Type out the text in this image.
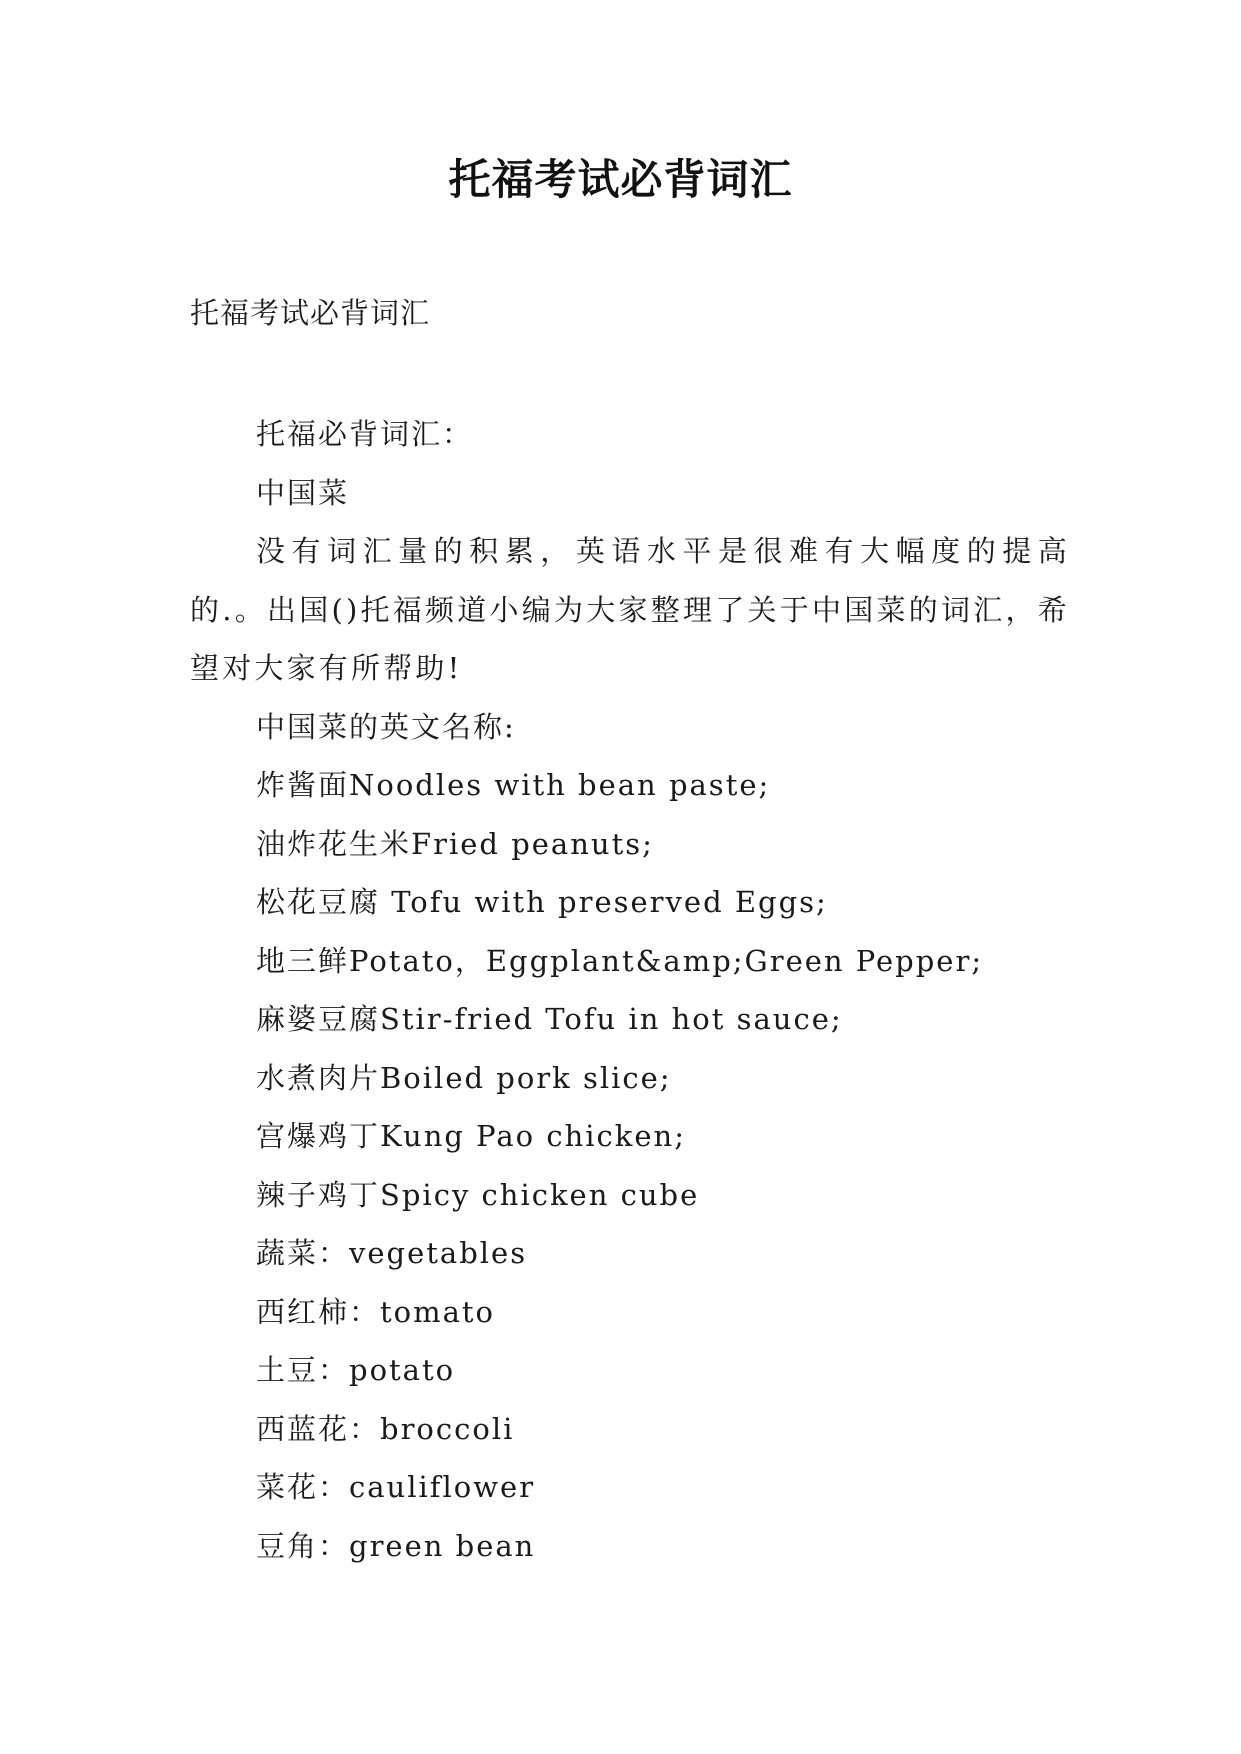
托福考试必背词汇

托福考试必背词汇

托福必背词汇：

中国菜

没有词汇量的积累，英语水平是很难有大幅度的提高的.。出国()托福频道小编为大家整理了关于中国菜的词汇，希望对大家有所帮助!

中国菜的英文名称:

炸酱面Noodles with bean paste;

油炸花生米Fried peanuts;

松花豆腐 Tofu with preserved Eggs;

地三鲜Potato，Eggplant&amp;Green Pepper;

麻婆豆腐Stir-fried Tofu in hot sauce;

水煮肉片Boiled pork slice;

宫爆鸡丁Kung Pao chicken;

辣子鸡丁Spicy chicken cube

蔬菜：vegetables

西红柿：tomato

土豆：potato

西蓝花：broccoli

菜花：cauliflower

豆角：green bean
